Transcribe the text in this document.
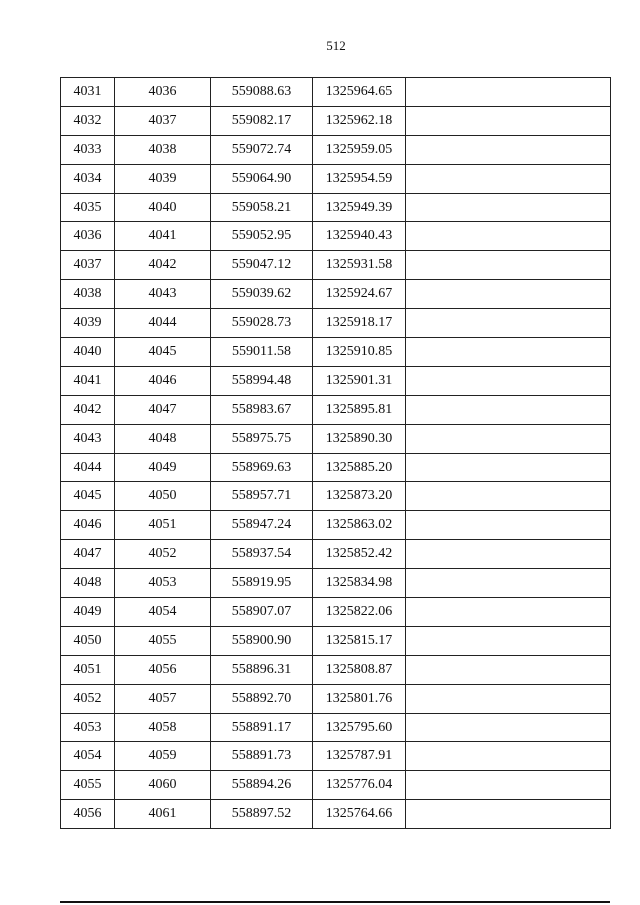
512
4031	4036	559088.63	1325964.65	
4032	4037	559082.17	1325962.18	
4033	4038	559072.74	1325959.05	
4034	4039	559064.90	1325954.59	
4035	4040	559058.21	1325949.39	
4036	4041	559052.95	1325940.43	
4037	4042	559047.12	1325931.58	
4038	4043	559039.62	1325924.67	
4039	4044	559028.73	1325918.17	
4040	4045	559011.58	1325910.85	
4041	4046	558994.48	1325901.31	
4042	4047	558983.67	1325895.81	
4043	4048	558975.75	1325890.30	
4044	4049	558969.63	1325885.20	
4045	4050	558957.71	1325873.20	
4046	4051	558947.24	1325863.02	
4047	4052	558937.54	1325852.42	
4048	4053	558919.95	1325834.98	
4049	4054	558907.07	1325822.06	
4050	4055	558900.90	1325815.17	
4051	4056	558896.31	1325808.87	
4052	4057	558892.70	1325801.76	
4053	4058	558891.17	1325795.60	
4054	4059	558891.73	1325787.91	
4055	4060	558894.26	1325776.04	
4056	4061	558897.52	1325764.66	
